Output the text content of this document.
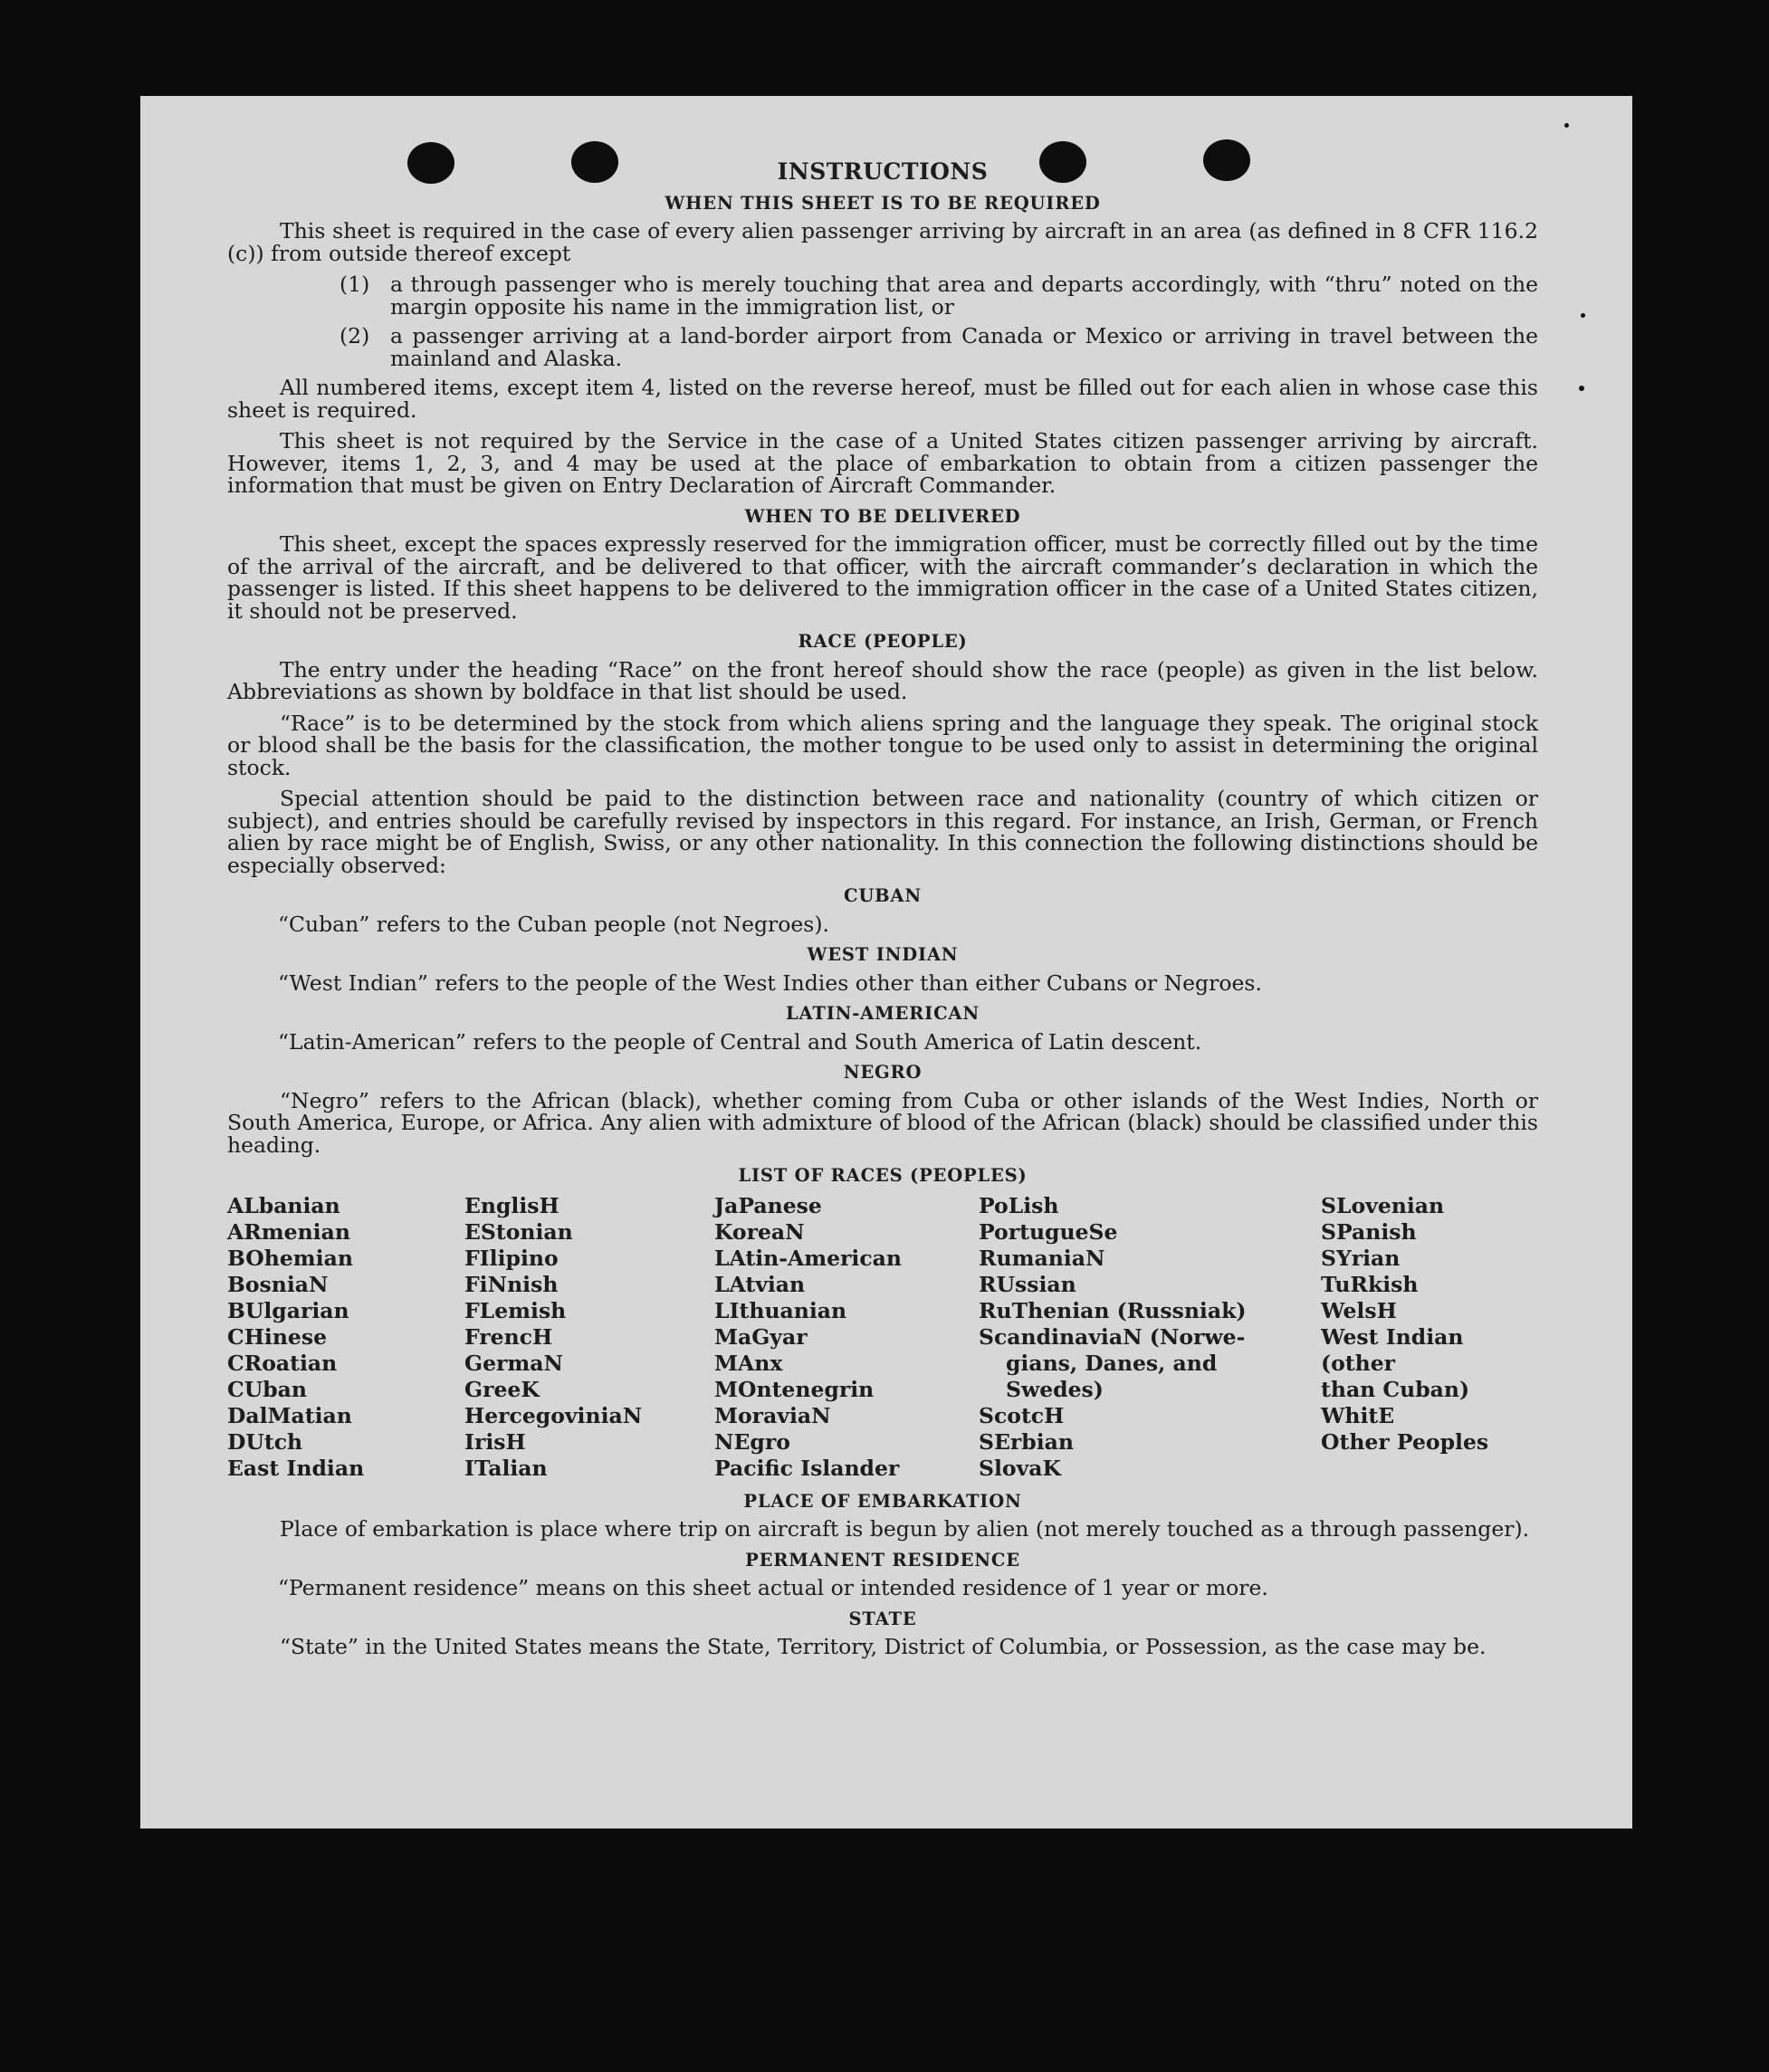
INSTRUCTIONS
WHEN THIS SHEET IS TO BE REQUIRED

This sheet is required in the case of every alien passenger arriving by aircraft in an area (as defined in 8 CFR 116.2 (c)) from outside thereof except

(1) a through passenger who is merely touching that area and departs accordingly, with “thru” noted on the margin opposite his name in the immigration list, or
(2) a passenger arriving at a land-border airport from Canada or Mexico or arriving in travel between the mainland and Alaska.

All numbered items, except item 4, listed on the reverse hereof, must be filled out for each alien in whose case this sheet is required.

This sheet is not required by the Service in the case of a United States citizen passenger arriving by aircraft. However, items 1, 2, 3, and 4 may be used at the place of embarkation to obtain from a citizen passenger the information that must be given on Entry Declaration of Aircraft Commander.

WHEN TO BE DELIVERED

This sheet, except the spaces expressly reserved for the immigration officer, must be correctly filled out by the time of the arrival of the aircraft, and be delivered to that officer, with the aircraft commander’s declaration in which the passenger is listed. If this sheet happens to be delivered to the immigration officer in the case of a United States citizen, it should not be preserved.

RACE (PEOPLE)

The entry under the heading “Race” on the front hereof should show the race (people) as given in the list below. Abbreviations as shown by boldface in that list should be used.

“Race” is to be determined by the stock from which aliens spring and the language they speak. The original stock or blood shall be the basis for the classification, the mother tongue to be used only to assist in determining the original stock.

Special attention should be paid to the distinction between race and nationality (country of which citizen or subject), and entries should be carefully revised by inspectors in this regard. For instance, an Irish, German, or French alien by race might be of English, Swiss, or any other nationality. In this connection the following distinctions should be especially observed:

CUBAN
“Cuban” refers to the Cuban people (not Negroes).
WEST INDIAN
“West Indian” refers to the people of the West Indies other than either Cubans or Negroes.
LATIN-AMERICAN
“Latin-American” refers to the people of Central and South America of Latin descent.
NEGRO

“Negro” refers to the African (black), whether coming from Cuba or other islands of the West Indies, North or South America, Europe, or Africa. Any alien with admixture of blood of the African (black) should be classified under this heading.

LIST OF RACES (PEOPLES)
ALbanian
ARmenian
BOhemian
BosniaN
BUlgarian
CHinese
CRoatian
CUban
DalMatian
DUtch
East Indian
EnglisH
EStonian
FIlipino
FiNnish
FLemish
FrencH
GermaN
GreeK
HercegoviniaN
IrisH
ITalian
JaPanese
KoreaN
LAtin-American
LAtvian
LIthuanian
MaGyar
MAnx
MOntenegrin
MoraviaN
NEgro
Pacific Islander
PoLish
PortugueSe
RumaniaN
RUssian
RuThenian (Russniak)
ScandinaviaN (Norwe-
gians, Danes, and
Swedes)
ScotcH
SErbian
SlovaK
SLovenian
SPanish
SYrian
TuRkish
WelsH
West Indian (other
than Cuban)
WhitE
Other Peoples
PLACE OF EMBARKATION

Place of embarkation is place where trip on aircraft is begun by alien (not merely touched as a through passenger).

PERMANENT RESIDENCE
“Permanent residence” means on this sheet actual or intended residence of 1 year or more.
STATE

“State” in the United States means the State, Territory, District of Columbia, or Possession, as the case may be.
